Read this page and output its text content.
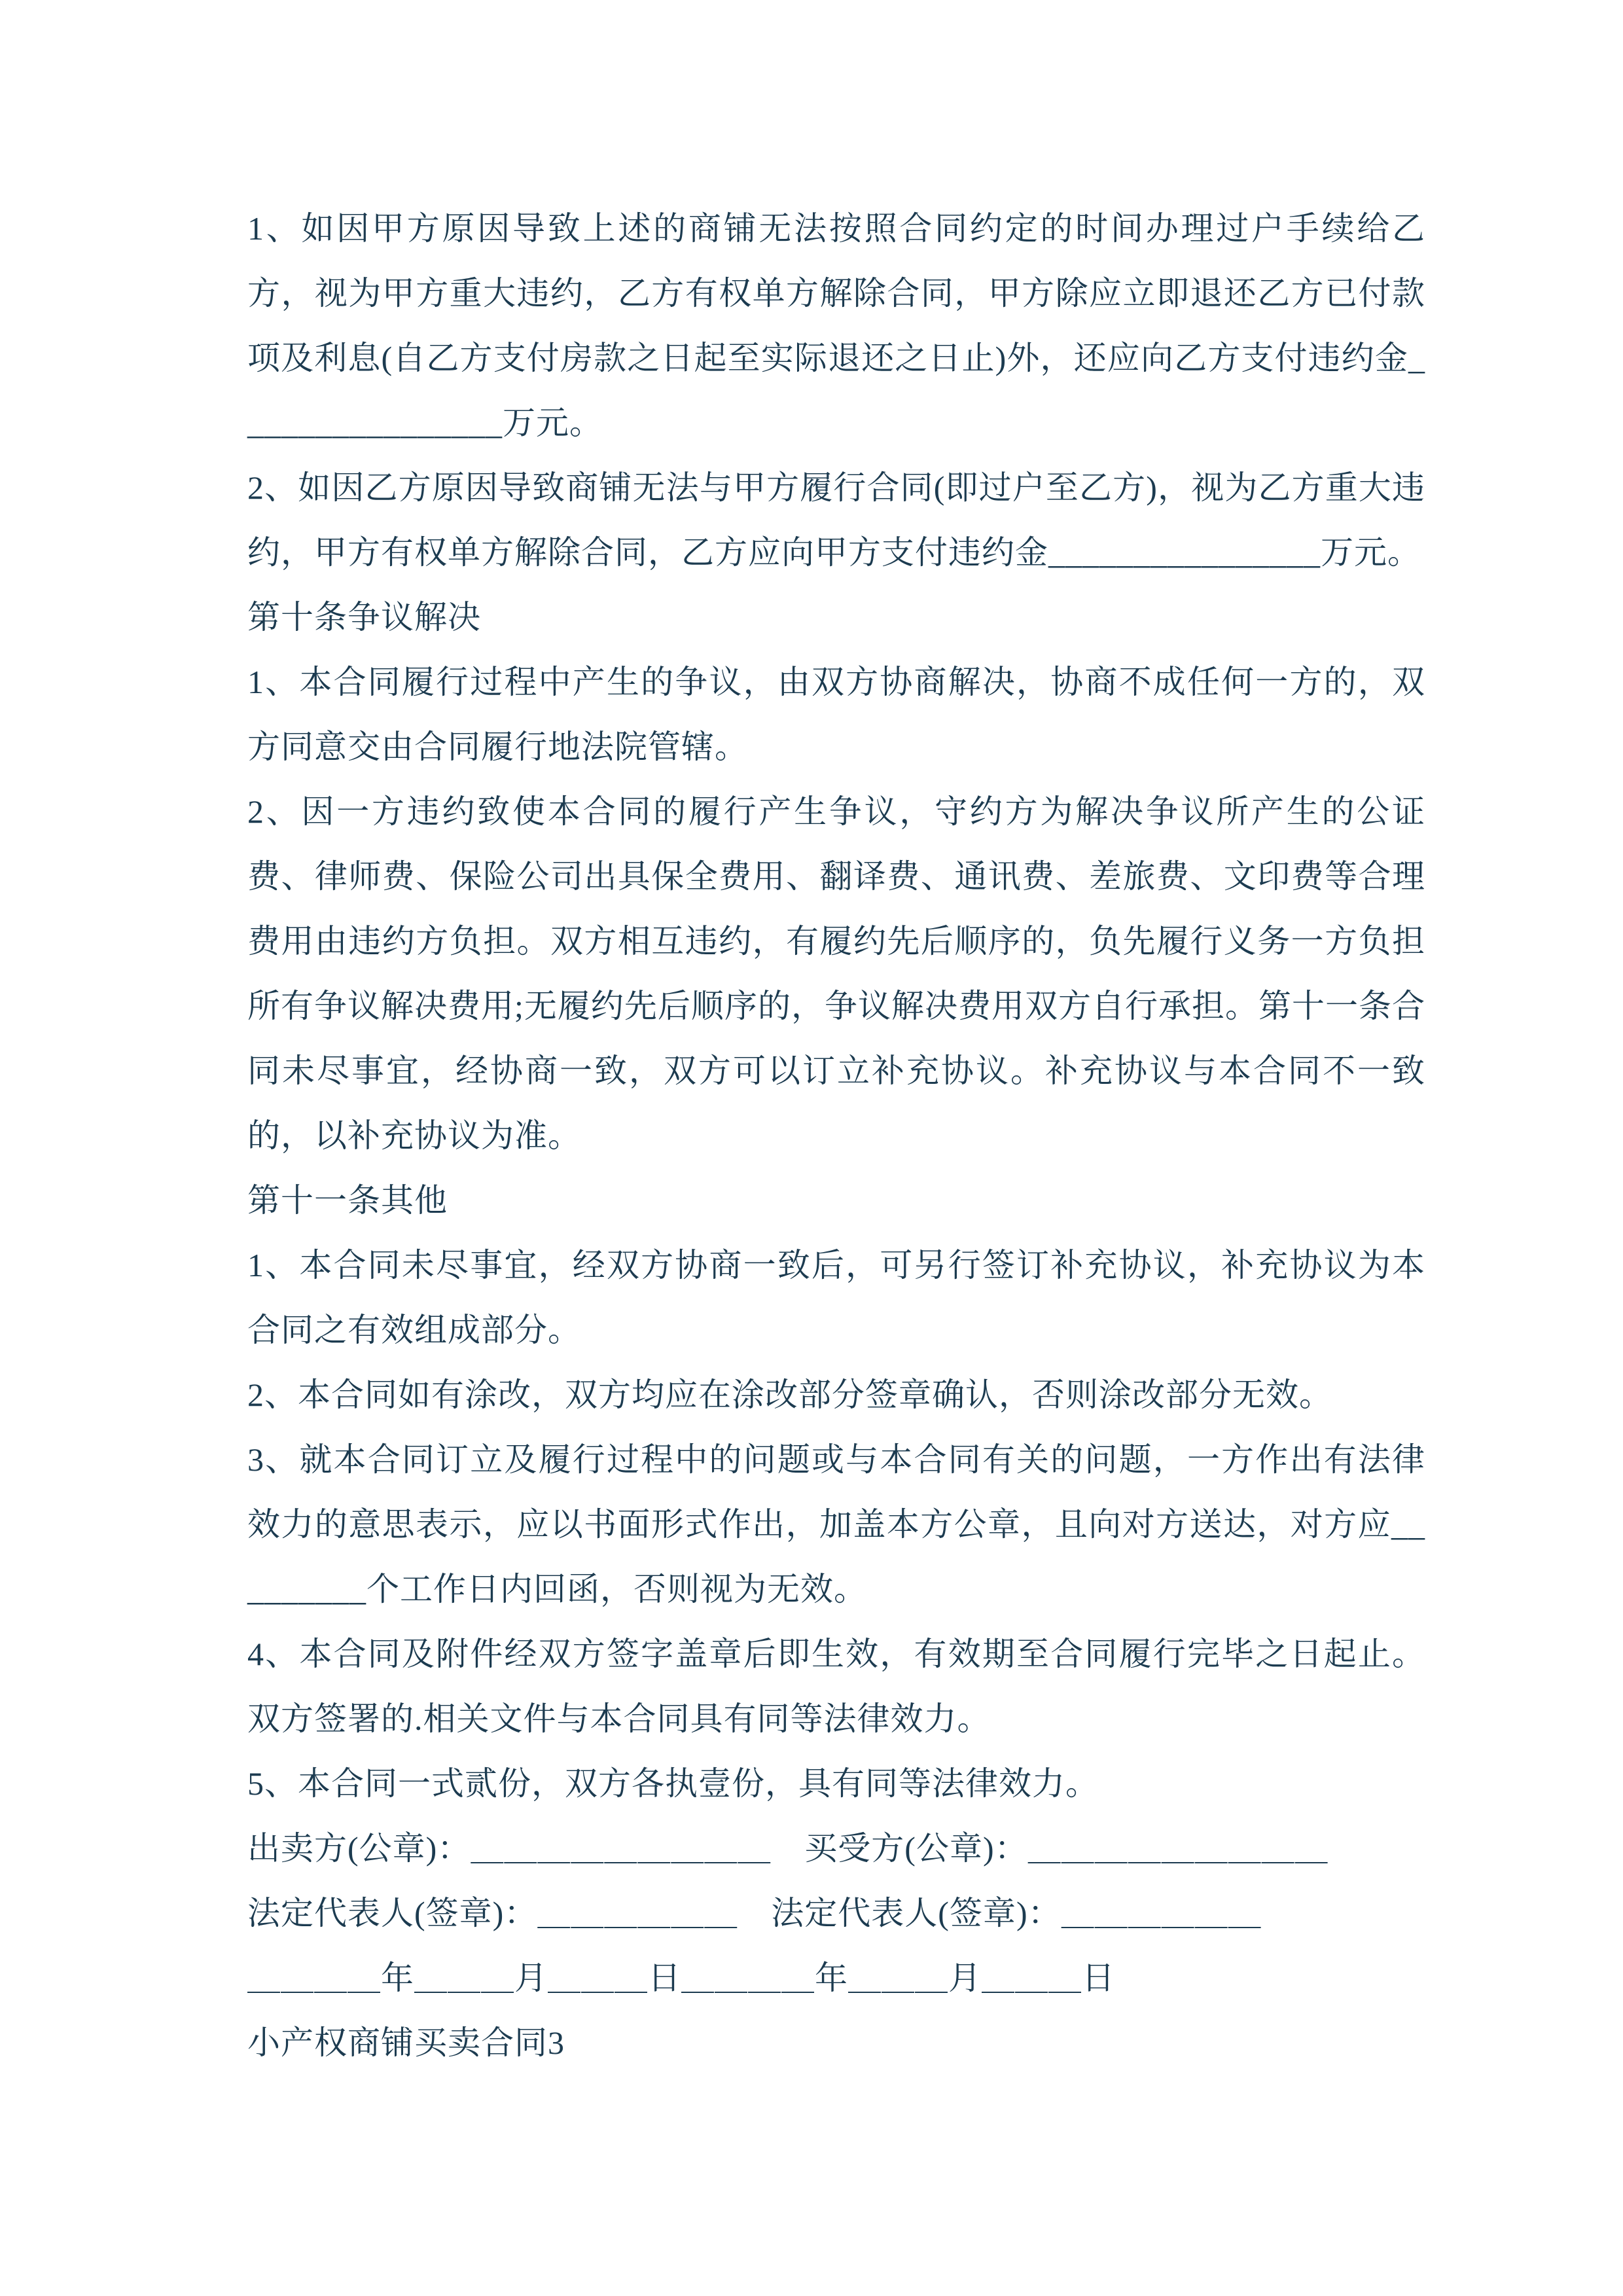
1、如因甲方原因导致上述的商铺无法按照合同约定的时间办理过户手续给乙方，视为甲方重大违约，乙方有权单方解除合同，甲方除应立即退还乙方已付款项及利息(自乙方支付房款之日起至实际退还之日止)外，还应向乙方支付违约金________________万元。

2、如因乙方原因导致商铺无法与甲方履行合同(即过户至乙方)，视为乙方重大违约，甲方有权单方解除合同，乙方应向甲方支付违约金________________万元。

第十条争议解决

1、本合同履行过程中产生的争议，由双方协商解决，协商不成任何一方的，双方同意交由合同履行地法院管辖。

2、因一方违约致使本合同的履行产生争议，守约方为解决争议所产生的公证费、律师费、保险公司出具保全费用、翻译费、通讯费、差旅费、文印费等合理费用由违约方负担。双方相互违约，有履约先后顺序的，负先履行义务一方负担所有争议解决费用;无履约先后顺序的，争议解决费用双方自行承担。第十一条合同未尽事宜，经协商一致，双方可以订立补充协议。补充协议与本合同不一致的，以补充协议为准。

第十一条其他

1、本合同未尽事宜，经双方协商一致后，可另行签订补充协议，补充协议为本合同之有效组成部分。

2、本合同如有涂改，双方均应在涂改部分签章确认，否则涂改部分无效。

3、就本合同订立及履行过程中的问题或与本合同有关的问题，一方作出有法律效力的意思表示，应以书面形式作出，加盖本方公章，且向对方送达，对方应_________个工作日内回函，否则视为无效。

4、本合同及附件经双方签字盖章后即生效，有效期至合同履行完毕之日起止。双方签署的.相关文件与本合同具有同等法律效力。

5、本合同一式贰份，双方各执壹份，具有同等法律效力。

出卖方(公章)：＿＿＿＿＿＿＿＿＿　买受方(公章)：＿＿＿＿＿＿＿＿＿

法定代表人(签章)：＿＿＿＿＿＿　法定代表人(签章)：＿＿＿＿＿＿

＿＿＿＿年＿＿＿月＿＿＿日＿＿＿＿年＿＿＿月＿＿＿日

小产权商铺买卖合同3
